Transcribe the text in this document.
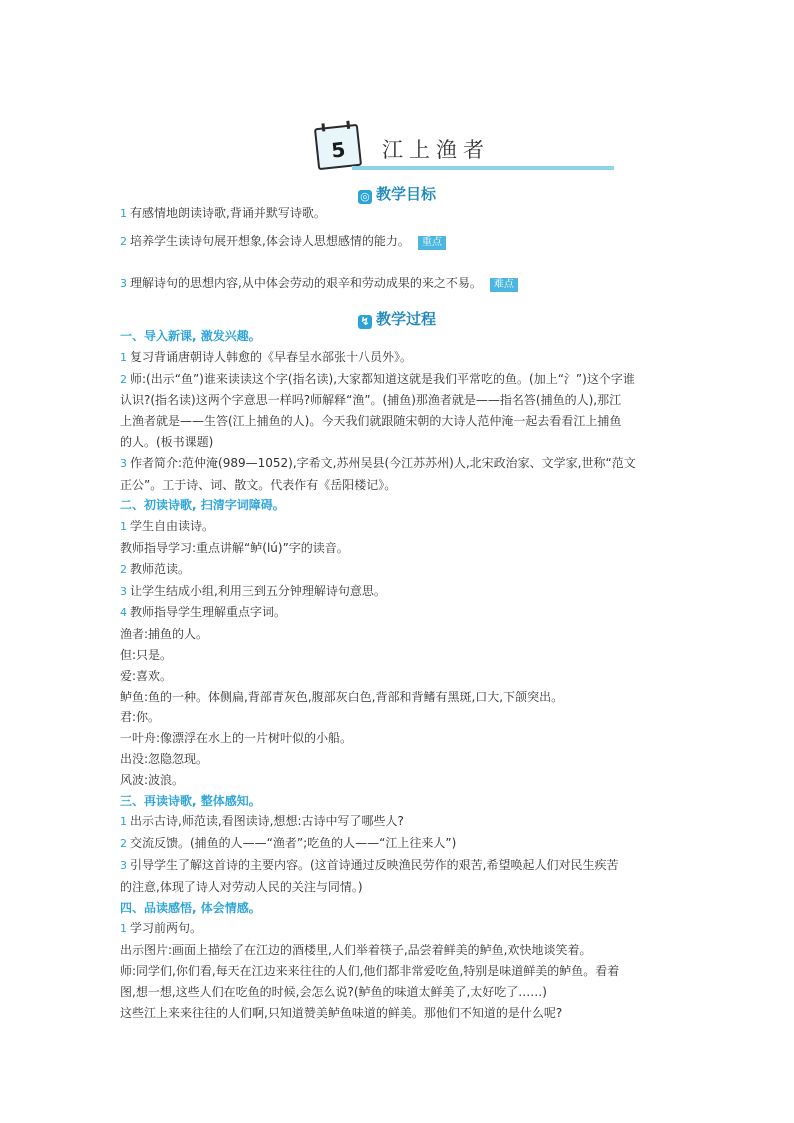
5	江上渔者
◎ 教学目标
1 有感情地朗读诗歌,背诵并默写诗歌。
2 培养学生读诗句展开想象,体会诗人思想感情的能力。 重点
3 理解诗句的思想内容,从中体会劳动的艰辛和劳动成果的来之不易。 难点
↯ 教学过程

一、导入新课, 激发兴趣。

1 复习背诵唐朝诗人韩愈的《早春呈水部张十八员外》。

2 师:(出示“鱼”)谁来读读这个字(指名读),大家都知道这就是我们平常吃的鱼。(加上“氵”)这个字谁

认识?(指名读)这两个字意思一样吗?师解释“渔”。(捕鱼)那渔者就是——指名答(捕鱼的人),那江

上渔者就是——生答(江上捕鱼的人)。今天我们就跟随宋朝的大诗人范仲淹一起去看看江上捕鱼

的人。(板书课题)

3 作者简介:范仲淹(989—1052),字希文,苏州吴县(今江苏苏州)人,北宋政治家、文学家,世称“范文

正公”。工于诗、词、散文。代表作有《岳阳楼记》。

二、初读诗歌, 扫清字词障碍。

1 学生自由读诗。

教师指导学习:重点讲解“鲈(lú)”字的读音。

2 教师范读。

3 让学生结成小组,利用三到五分钟理解诗句意思。

4 教师指导学生理解重点字词。

渔者:捕鱼的人。

但:只是。

爱:喜欢。

鲈鱼:鱼的一种。体侧扁,背部青灰色,腹部灰白色,背部和背鳍有黑斑,口大,下颌突出。

君:你。

一叶舟:像漂浮在水上的一片树叶似的小船。

出没:忽隐忽现。

风波:波浪。

三、再读诗歌, 整体感知。

1 出示古诗,师范读,看图读诗,想想:古诗中写了哪些人?

2 交流反馈。(捕鱼的人——“渔者”;吃鱼的人——“江上往来人”)

3 引导学生了解这首诗的主要内容。(这首诗通过反映渔民劳作的艰苦,希望唤起人们对民生疾苦

的注意,体现了诗人对劳动人民的关注与同情。)

四、品读感悟, 体会情感。

1 学习前两句。

出示图片:画面上描绘了在江边的酒楼里,人们举着筷子,品尝着鲜美的鲈鱼,欢快地谈笑着。

师:同学们,你们看,每天在江边来来往往的人们,他们都非常爱吃鱼,特别是味道鲜美的鲈鱼。看着

图,想一想,这些人们在吃鱼的时候,会怎么说?(鲈鱼的味道太鲜美了,太好吃了……)

这些江上来来往往的人们啊,只知道赞美鲈鱼味道的鲜美。那他们不知道的是什么呢?
